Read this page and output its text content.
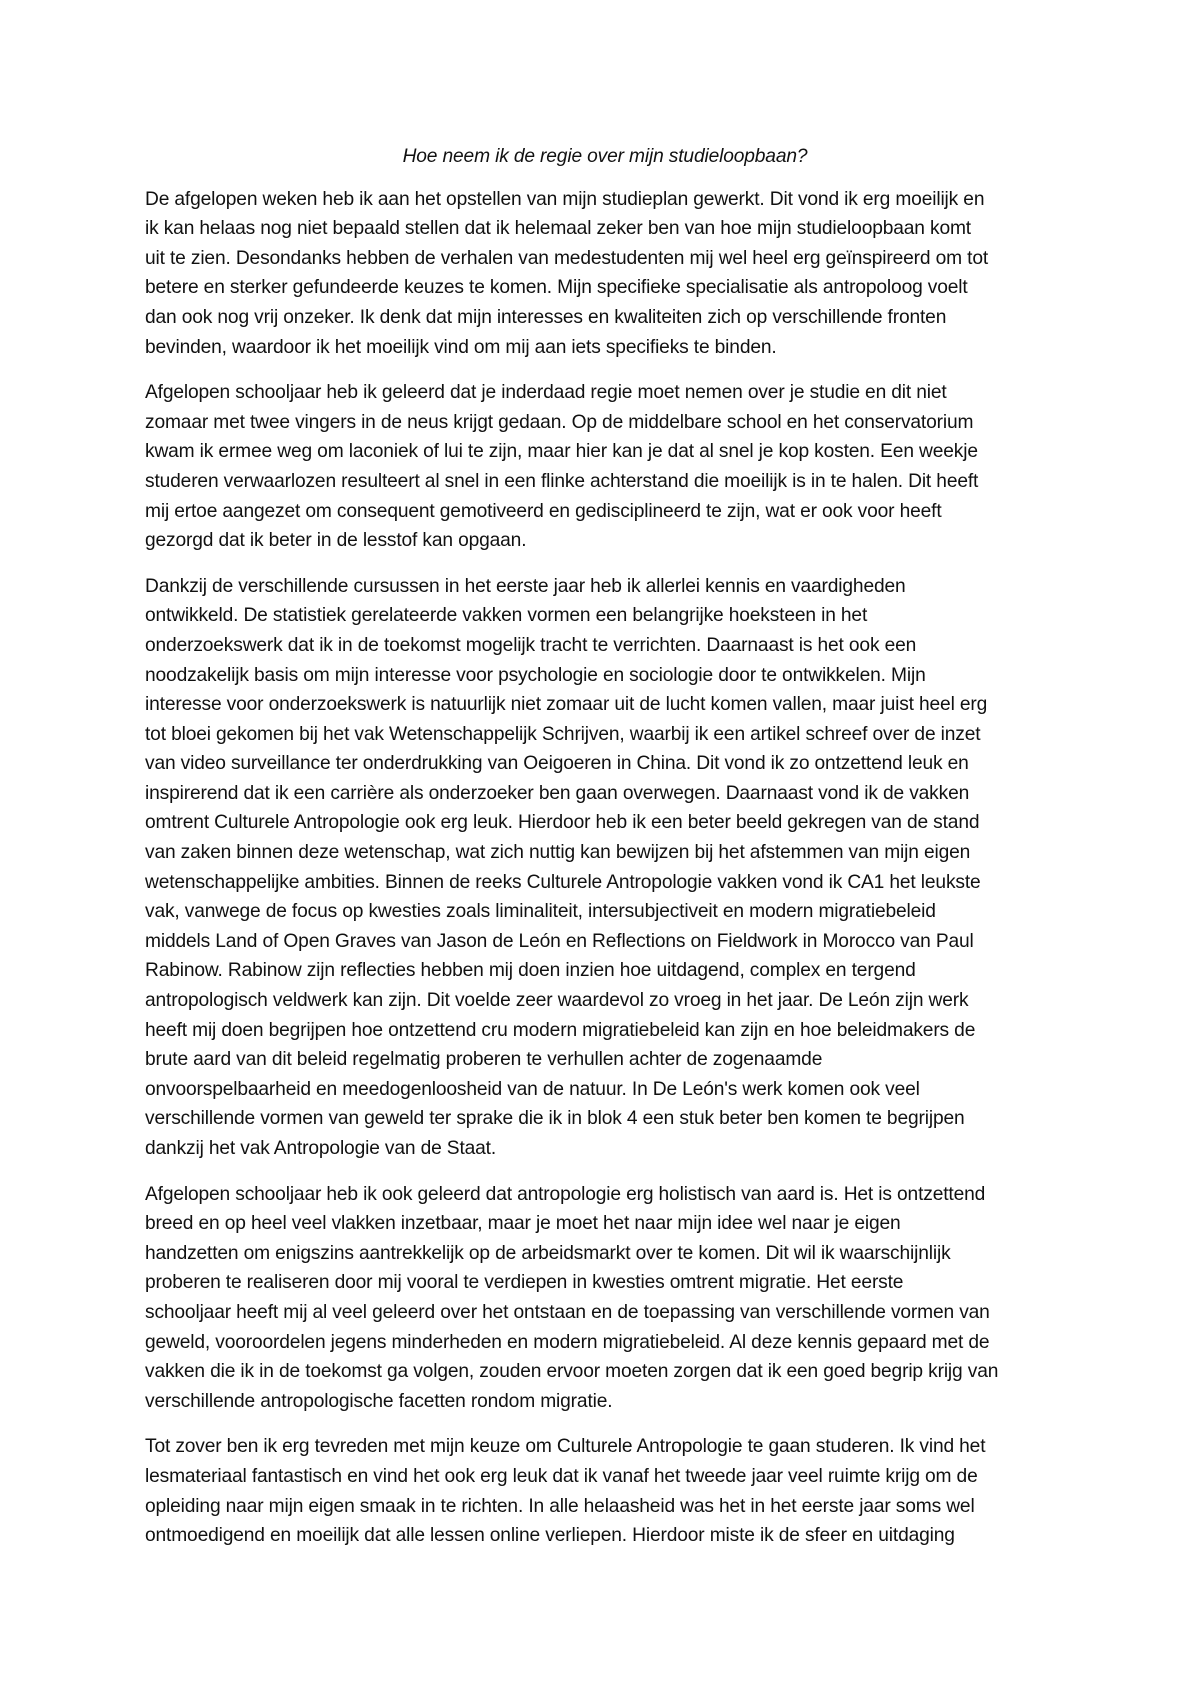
Hoe neem ik de regie over mijn studieloopbaan?

De afgelopen weken heb ik aan het opstellen van mijn studieplan gewerkt. Dit vond ik erg moeilijk en
ik kan helaas nog niet bepaald stellen dat ik helemaal zeker ben van hoe mijn studieloopbaan komt
uit te zien. Desondanks hebben de verhalen van medestudenten mij wel heel erg geïnspireerd om tot
betere en sterker gefundeerde keuzes te komen. Mijn specifieke specialisatie als antropoloog voelt
dan ook nog vrij onzeker. Ik denk dat mijn interesses en kwaliteiten zich op verschillende fronten
bevinden, waardoor ik het moeilijk vind om mij aan iets specifieks te binden.

Afgelopen schooljaar heb ik geleerd dat je inderdaad regie moet nemen over je studie en dit niet
zomaar met twee vingers in de neus krijgt gedaan. Op de middelbare school en het conservatorium
kwam ik ermee weg om laconiek of lui te zijn, maar hier kan je dat al snel je kop kosten. Een weekje
studeren verwaarlozen resulteert al snel in een flinke achterstand die moeilijk is in te halen. Dit heeft
mij ertoe aangezet om consequent gemotiveerd en gedisciplineerd te zijn, wat er ook voor heeft
gezorgd dat ik beter in de lesstof kan opgaan.

Dankzij de verschillende cursussen in het eerste jaar heb ik allerlei kennis en vaardigheden
ontwikkeld. De statistiek gerelateerde vakken vormen een belangrijke hoeksteen in het
onderzoekswerk dat ik in de toekomst mogelijk tracht te verrichten. Daarnaast is het ook een
noodzakelijk basis om mijn interesse voor psychologie en sociologie door te ontwikkelen. Mijn
interesse voor onderzoekswerk is natuurlijk niet zomaar uit de lucht komen vallen, maar juist heel erg
tot bloei gekomen bij het vak Wetenschappelijk Schrijven, waarbij ik een artikel schreef over de inzet
van video surveillance ter onderdrukking van Oeigoeren in China. Dit vond ik zo ontzettend leuk en
inspirerend dat ik een carrière als onderzoeker ben gaan overwegen. Daarnaast vond ik de vakken
omtrent Culturele Antropologie ook erg leuk. Hierdoor heb ik een beter beeld gekregen van de stand
van zaken binnen deze wetenschap, wat zich nuttig kan bewijzen bij het afstemmen van mijn eigen
wetenschappelijke ambities. Binnen de reeks Culturele Antropologie vakken vond ik CA1 het leukste
vak, vanwege de focus op kwesties zoals liminaliteit, intersubjectiveit en modern migratiebeleid
middels Land of Open Graves van Jason de León en Reflections on Fieldwork in Morocco van Paul
Rabinow. Rabinow zijn reflecties hebben mij doen inzien hoe uitdagend, complex en tergend
antropologisch veldwerk kan zijn. Dit voelde zeer waardevol zo vroeg in het jaar. De León zijn werk
heeft mij doen begrijpen hoe ontzettend cru modern migratiebeleid kan zijn en hoe beleidmakers de
brute aard van dit beleid regelmatig proberen te verhullen achter de zogenaamde
onvoorspelbaarheid en meedogenloosheid van de natuur. In De León's werk komen ook veel
verschillende vormen van geweld ter sprake die ik in blok 4 een stuk beter ben komen te begrijpen
dankzij het vak Antropologie van de Staat.

Afgelopen schooljaar heb ik ook geleerd dat antropologie erg holistisch van aard is. Het is ontzettend
breed en op heel veel vlakken inzetbaar, maar je moet het naar mijn idee wel naar je eigen
handzetten om enigszins aantrekkelijk op de arbeidsmarkt over te komen. Dit wil ik waarschijnlijk
proberen te realiseren door mij vooral te verdiepen in kwesties omtrent migratie. Het eerste
schooljaar heeft mij al veel geleerd over het ontstaan en de toepassing van verschillende vormen van
geweld, vooroordelen jegens minderheden en modern migratiebeleid. Al deze kennis gepaard met de
vakken die ik in de toekomst ga volgen, zouden ervoor moeten zorgen dat ik een goed begrip krijg van
verschillende antropologische facetten rondom migratie.

Tot zover ben ik erg tevreden met mijn keuze om Culturele Antropologie te gaan studeren. Ik vind het
lesmateriaal fantastisch en vind het ook erg leuk dat ik vanaf het tweede jaar veel ruimte krijg om de
opleiding naar mijn eigen smaak in te richten. In alle helaasheid was het in het eerste jaar soms wel
ontmoedigend en moeilijk dat alle lessen online verliepen. Hierdoor miste ik de sfeer en uitdaging
